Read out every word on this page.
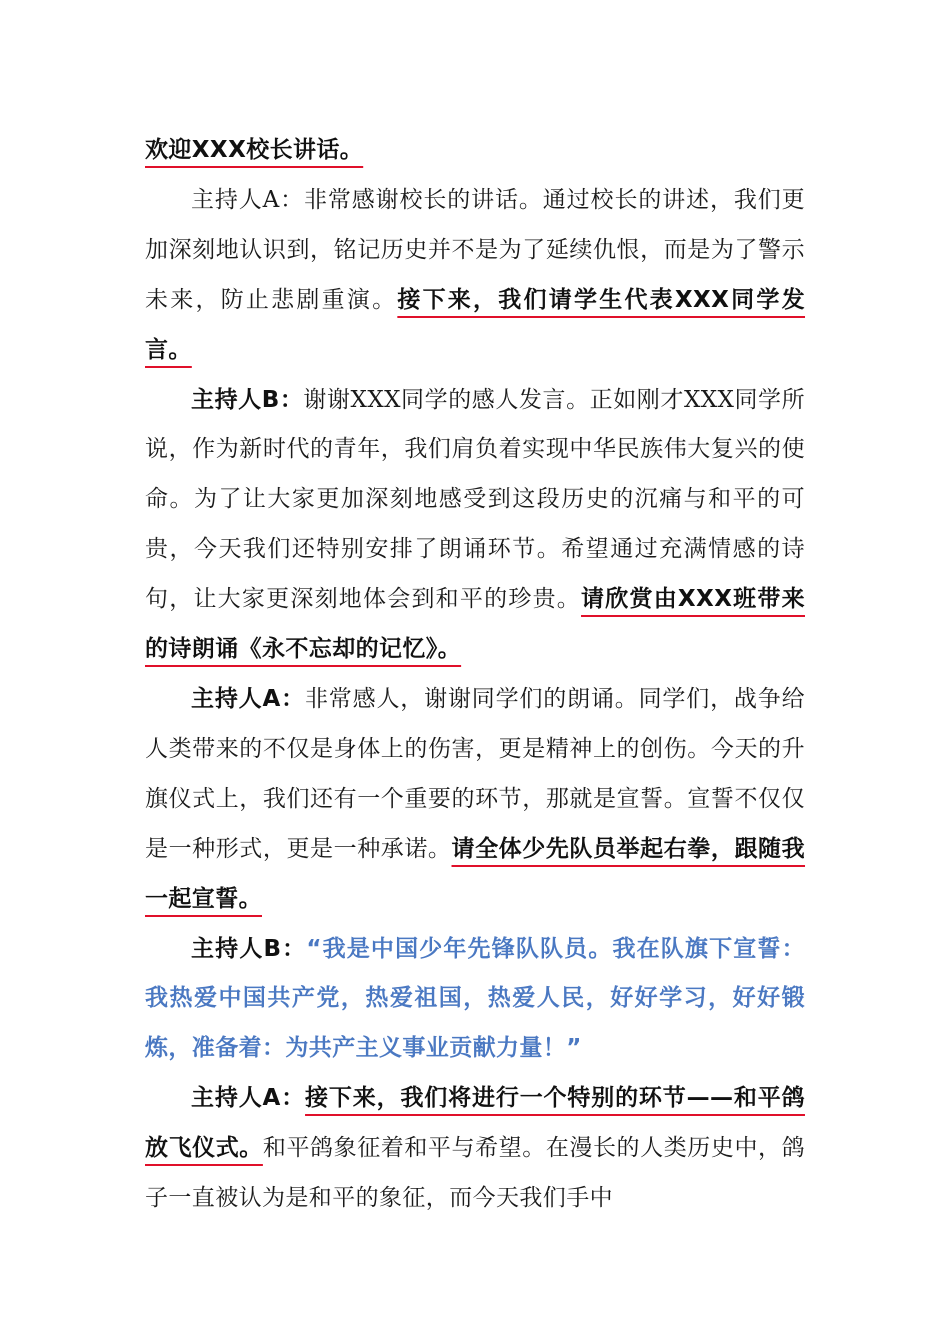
欢迎XXX校长讲话。

主持人A：非常感谢校长的讲话。通过校长的讲述，我们更加深刻地认识到，铭记历史并不是为了延续仇恨，而是为了警示未来，防止悲剧重演。接下来，我们请学生代表XXX同学发言。

主持人B：谢谢XXX同学的感人发言。正如刚才XXX同学所说，作为新时代的青年，我们肩负着实现中华民族伟大复兴的使命。为了让大家更加深刻地感受到这段历史的沉痛与和平的可贵，今天我们还特别安排了朗诵环节。希望通过充满情感的诗句，让大家更深刻地体会到和平的珍贵。请欣赏由XXX班带来的诗朗诵《永不忘却的记忆》。

主持人A：非常感人，谢谢同学们的朗诵。同学们，战争给人类带来的不仅是身体上的伤害，更是精神上的创伤。今天的升旗仪式上，我们还有一个重要的环节，那就是宣誓。宣誓不仅仅是一种形式，更是一种承诺。请全体少先队员举起右拳，跟随我一起宣誓。

主持人B：“我是中国少年先锋队队员。我在队旗下宣誓：我热爱中国共产党，热爱祖国，热爱人民，好好学习，好好锻炼，准备着：为共产主义事业贡献力量！”

主持人A：接下来，我们将进行一个特别的环节——和平鸽放飞仪式。和平鸽象征着和平与希望。在漫长的人类历史中，鸽子一直被认为是和平的象征，而今天我们手中
